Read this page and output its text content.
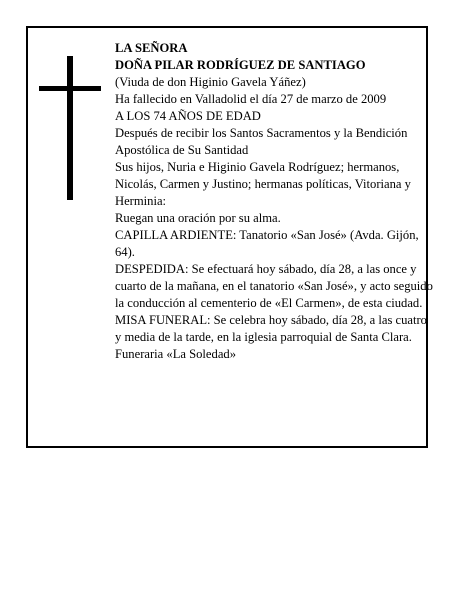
LA SEÑORA

DOÑA PILAR RODRÍGUEZ DE SANTIAGO

(Viuda de don Higinio Gavela Yáñez)

Ha fallecido en Valladolid el día 27 de marzo de 2009

A LOS 74 AÑOS DE EDAD

Después de recibir los Santos Sacramentos y la Bendición Apostólica de Su Santidad

Sus hijos, Nuria e Higinio Gavela Rodríguez; hermanos, Nicolás, Carmen y Justino; hermanas políticas, Vitoriana y Herminia:

Ruegan una oración por su alma.

CAPILLA ARDIENTE: Tanatorio «San José» (Avda. Gijón, 64).

DESPEDIDA: Se efectuará hoy sábado, día 28, a las once y cuarto de la mañana, en el tanatorio «San José», y acto seguido la conducción al cementerio de «El Carmen», de esta ciudad.

MISA FUNERAL: Se celebra hoy sábado, día 28, a las cuatro y media de la tarde, en la iglesia parroquial de Santa Clara.

Funeraria «La Soledad»
